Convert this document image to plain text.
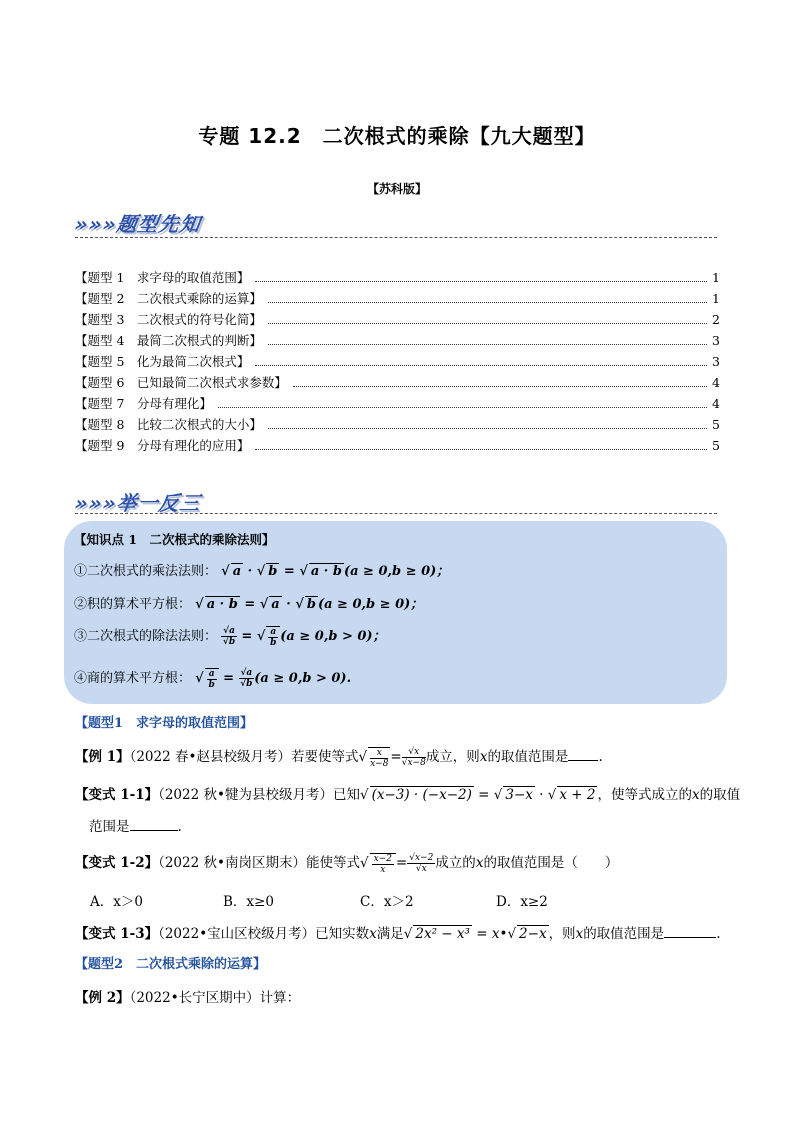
专题 12.2　二次根式的乘除【九大题型】
【苏科版】
»»»题型先知
【题型 1　求字母的取值范围】	1
【题型 2　二次根式乘除的运算】	1
【题型 3　二次根式的符号化简】	2
【题型 4　最简二次根式的判断】	3
【题型 5　化为最简二次根式】	3
【题型 6　已知最简二次根式求参数】	4
【题型 7　分母有理化】	4
【题型 8　比较二次根式的大小】	5
【题型 9　分母有理化的应用】	5
»»»举一反三
【知识点 1　二次根式的乘除法则】
①二次根式的乘法法则： √ a · √ b = √ a · b (a ≥ 0,b ≥ 0)；
②积的算术平方根： √ a · b = √ a · √ b (a ≥ 0,b ≥ 0)；
③二次根式的除法法则： $\frac{√a}{√b}$ = √ $\frac{a}{b} (a \ge 0,b > 0)$；
④商的算术平方根： √ $\frac{a}{b} = \frac{√a}{√b} (a \ge 0,b > 0)$.
【题型1　求字母的取值范围】
【例 1】（2022 春•赵县校级月考）若要使等式√ $\frac{x}{x-8} = \frac{√x}{√x-8}$ 成立，则x的取值范围是 .
【变式 1-1】（2022 秋•犍为县校级月考）已知√ (x−3) · (−x−2) = √ 3−x · √ x + 2 ，使等式成立的x的取值
范围是	.
【变式 1-2】（2022 秋•南岗区期末）能使等式√ $\frac{x-2}{x} = \frac{√x-2}{√x}$ 成立的x的取值范围是（　　）
A．x＞0	B．x≥0	C．x＞2	D．x≥2
【变式 1-3】（2022•宝山区校级月考）已知实数x满足√ 2x² − x³ = x•√ 2−x ，则x的取值范围是	.
【题型2　二次根式乘除的运算】
【例 2】（2022•长宁区期中）计算：
